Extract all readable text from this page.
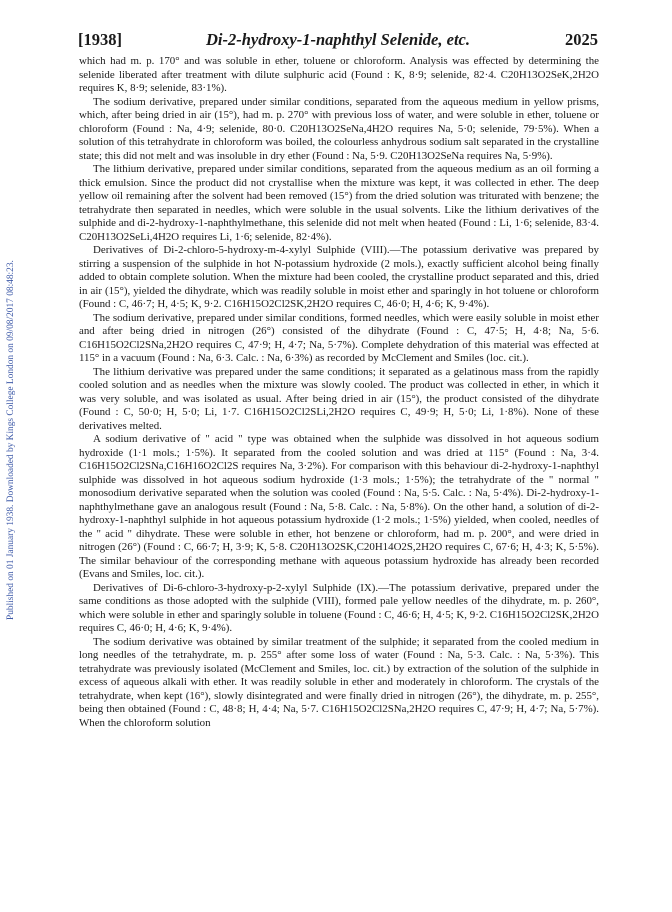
Published on 01 January 1938. Downloaded by Kings College London on 09/08/2017 08:48:23.
[1938]	Di-2-hydroxy-1-naphthyl Selenide, etc.	2025

which had m. p. 170° and was soluble in ether, toluene or chloroform. Analysis was effected by determining the selenide liberated after treatment with dilute sulphuric acid (Found : K, 8·9; selenide, 82·4. C20H13O2SeK,2H2O requires K, 8·9; selenide, 83·1%).

The sodium derivative, prepared under similar conditions, separated from the aqueous medium in yellow prisms, which, after being dried in air (15°), had m. p. 270° with previous loss of water, and were soluble in ether, toluene or chloroform (Found : Na, 4·9; selenide, 80·0. C20H13O2SeNa,4H2O requires Na, 5·0; selenide, 79·5%). When a solution of this tetrahydrate in chloroform was boiled, the colourless anhydrous sodium salt separated in the crystalline state; this did not melt and was insoluble in dry ether (Found : Na, 5·9. C20H13O2SeNa requires Na, 5·9%).

The lithium derivative, prepared under similar conditions, separated from the aqueous medium as an oil forming a thick emulsion. Since the product did not crystallise when the mixture was kept, it was collected in ether. The deep yellow oil remaining after the solvent had been removed (15°) from the dried solution was triturated with benzene; the tetrahydrate then separated in needles, which were soluble in the usual solvents. Like the lithium derivatives of the sulphide and di-2-hydroxy-1-naphthylmethane, this selenide did not melt when heated (Found : Li, 1·6; selenide, 83·4. C20H13O2SeLi,4H2O requires Li, 1·6; selenide, 82·4%).

Derivatives of Di-2-chloro-5-hydroxy-m-4-xylyl Sulphide (VIII).—The potassium derivative was prepared by stirring a suspension of the sulphide in hot N-potassium hydroxide (2 mols.), exactly sufficient alcohol being finally added to obtain complete solution. When the mixture had been cooled, the crystalline product separated and this, dried in air (15°), yielded the dihydrate, which was readily soluble in moist ether and sparingly in hot toluene or chloroform (Found : C, 46·7; H, 4·5; K, 9·2. C16H15O2Cl2SK,2H2O requires C, 46·0; H, 4·6; K, 9·4%).

The sodium derivative, prepared under similar conditions, formed needles, which were easily soluble in moist ether and after being dried in nitrogen (26°) consisted of the dihydrate (Found : C, 47·5; H, 4·8; Na, 5·6. C16H15O2Cl2SNa,2H2O requires C, 47·9; H, 4·7; Na, 5·7%). Complete dehydration of this material was effected at 115° in a vacuum (Found : Na, 6·3. Calc. : Na, 6·3%) as recorded by McClement and Smiles (loc. cit.).

The lithium derivative was prepared under the same conditions; it separated as a gelatinous mass from the rapidly cooled solution and as needles when the mixture was slowly cooled. The product was collected in ether, in which it was very soluble, and was isolated as usual. After being dried in air (15°), the product consisted of the dihydrate (Found : C, 50·0; H, 5·0; Li, 1·7. C16H15O2Cl2SLi,2H2O requires C, 49·9; H, 5·0; Li, 1·8%). None of these derivatives melted.

A sodium derivative of " acid " type was obtained when the sulphide was dissolved in hot aqueous sodium hydroxide (1·1 mols.; 1·5%). It separated from the cooled solution and was dried at 115° (Found : Na, 3·4. C16H15O2Cl2SNa,C16H16O2Cl2S requires Na, 3·2%). For comparison with this behaviour di-2-hydroxy-1-naphthyl sulphide was dissolved in hot aqueous sodium hydroxide (1·3 mols.; 1·5%); the tetrahydrate of the " normal " monosodium derivative separated when the solution was cooled (Found : Na, 5·5. Calc. : Na, 5·4%). Di-2-hydroxy-1-naphthylmethane gave an analogous result (Found : Na, 5·8. Calc. : Na, 5·8%). On the other hand, a solution of di-2-hydroxy-1-naphthyl sulphide in hot aqueous potassium hydroxide (1·2 mols.; 1·5%) yielded, when cooled, needles of the " acid " dihydrate. These were soluble in ether, hot benzene or chloroform, had m. p. 200°, and were dried in nitrogen (26°) (Found : C, 66·7; H, 3·9; K, 5·8. C20H13O2SK,C20H14O2S,2H2O requires C, 67·6; H, 4·3; K, 5·5%). The similar behaviour of the corresponding methane with aqueous potassium hydroxide has already been recorded (Evans and Smiles, loc. cit.).

Derivatives of Di-6-chloro-3-hydroxy-p-2-xylyl Sulphide (IX).—The potassium derivative, prepared under the same conditions as those adopted with the sulphide (VIII), formed pale yellow needles of the dihydrate, m. p. 260°, which were soluble in ether and sparingly soluble in toluene (Found : C, 46·6; H, 4·5; K, 9·2. C16H15O2Cl2SK,2H2O requires C, 46·0; H, 4·6; K, 9·4%).

The sodium derivative was obtained by similar treatment of the sulphide; it separated from the cooled medium in long needles of the tetrahydrate, m. p. 255° after some loss of water (Found : Na, 5·3. Calc. : Na, 5·3%). This tetrahydrate was previously isolated (McClement and Smiles, loc. cit.) by extraction of the solution of the sulphide in excess of aqueous alkali with ether. It was readily soluble in ether and moderately in chloroform. The crystals of the tetrahydrate, when kept (16°), slowly disintegrated and were finally dried in nitrogen (26°), the dihydrate, m. p. 255°, being then obtained (Found : C, 48·8; H, 4·4; Na, 5·7. C16H15O2Cl2SNa,2H2O requires C, 47·9; H, 4·7; Na, 5·7%). When the chloroform solution
